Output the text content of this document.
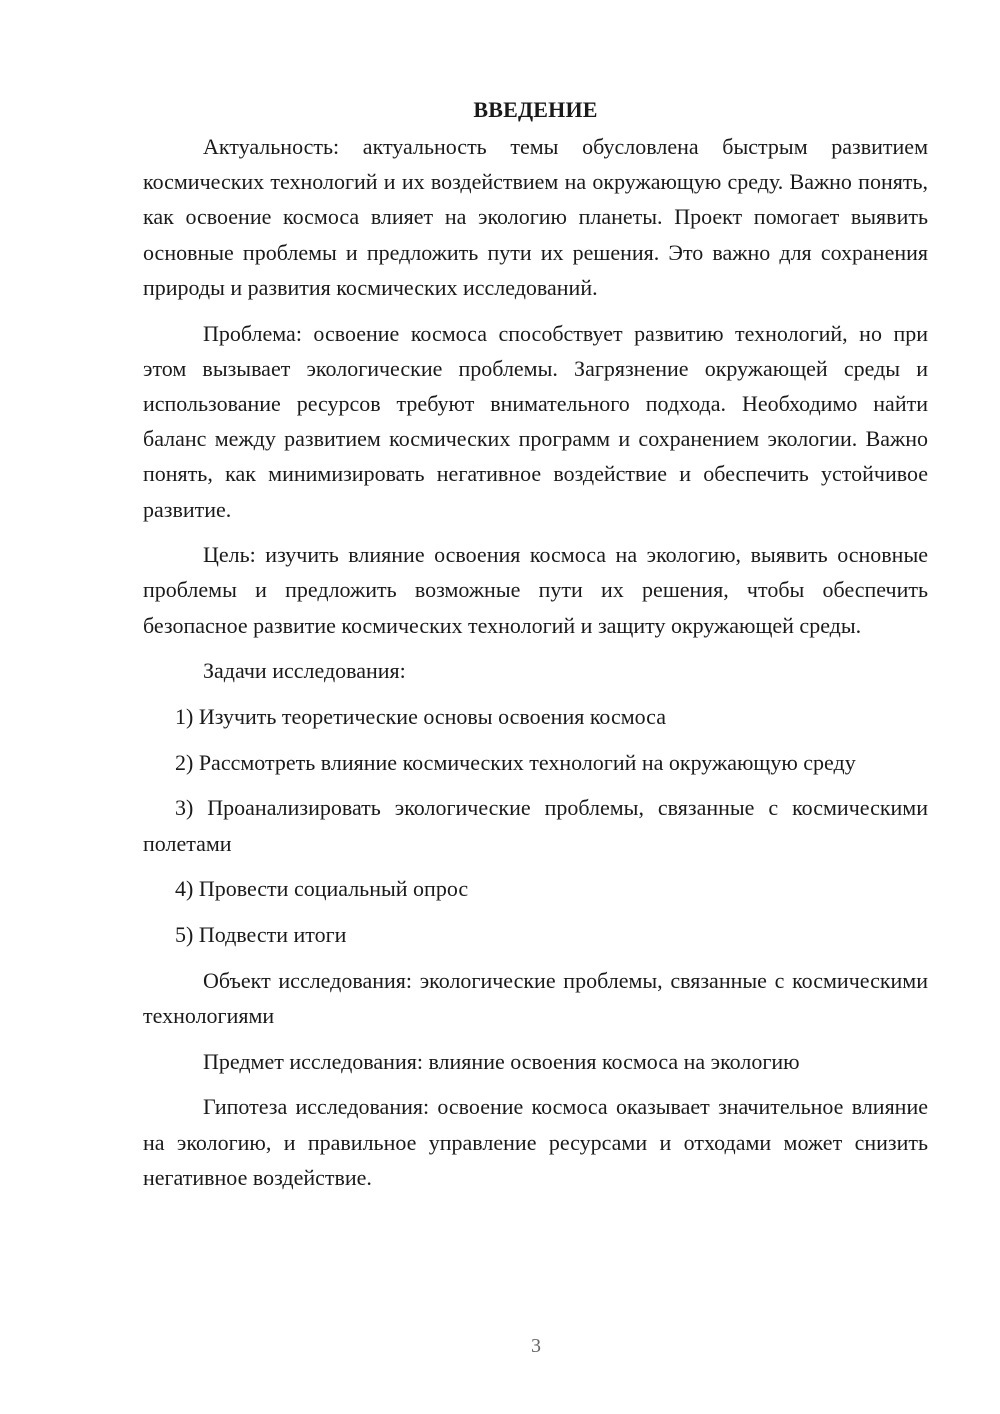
ВВЕДЕНИЕ

Актуальность: актуальность темы обусловлена быстрым развитием космических технологий и их воздействием на окружающую среду. Важно понять, как освоение космоса влияет на экологию планеты. Проект помогает выявить основные проблемы и предложить пути их решения. Это важно для сохранения природы и развития космических исследований.

Проблема: освоение космоса способствует развитию технологий, но при этом вызывает экологические проблемы. Загрязнение окружающей среды и использование ресурсов требуют внимательного подхода. Необходимо найти баланс между развитием космических программ и сохранением экологии. Важно понять, как минимизировать негативное воздействие и обеспечить устойчивое развитие.

Цель: изучить влияние освоения космоса на экологию, выявить основные проблемы и предложить возможные пути их решения, чтобы обеспечить безопасное развитие космических технологий и защиту окружающей среды.

Задачи исследования:

1) Изучить теоретические основы освоения космоса

2) Рассмотреть влияние космических технологий на окружающую среду

3) Проанализировать экологические проблемы, связанные с космическими полетами

4) Провести социальный опрос

5) Подвести итоги

Объект исследования: экологические проблемы, связанные с космическими технологиями

Предмет исследования: влияние освоения космоса на экологию

Гипотеза исследования: освоение космоса оказывает значительное влияние на экологию, и правильное управление ресурсами и отходами может снизить негативное воздействие.

3
